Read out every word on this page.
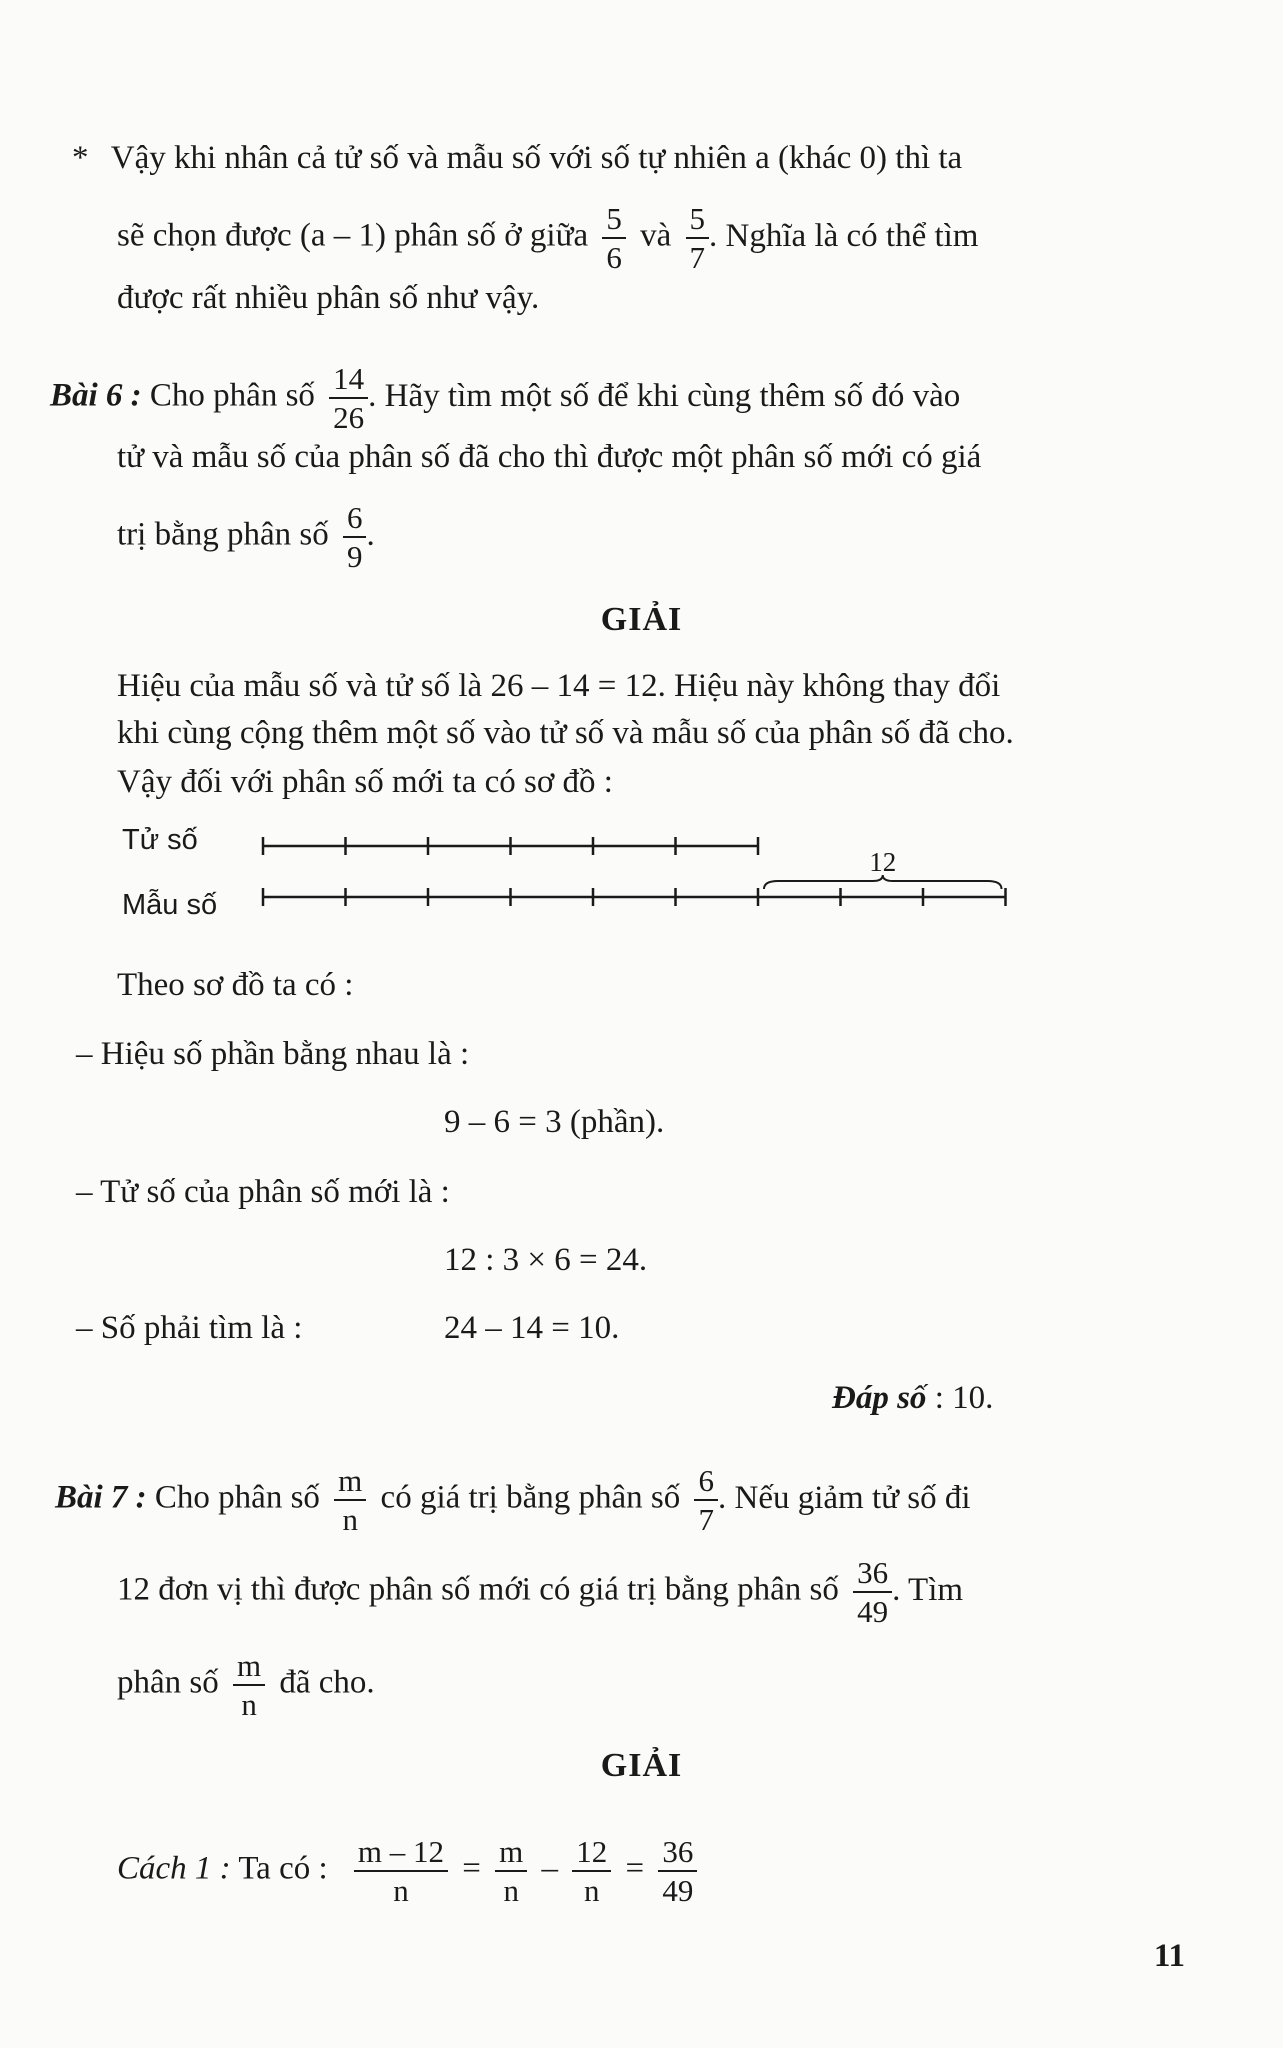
* Vậy khi nhân cả tử số và mẫu số với số tự nhiên a (khác 0) thì ta
sẽ chọn được (a – 1) phân số ở giữa $\frac{5}{6}$ và $\frac{5}{7}$ . Nghĩa là có thể tìm
được rất nhiều phân số như vậy.
Bài 6 : Cho phân số $\frac{14}{26}$ . Hãy tìm một số để khi cùng thêm số đó vào
tử và mẫu số của phân số đã cho thì được một phân số mới có giá
trị bằng phân số $\frac{6}{9}$ .
GIẢI
Hiệu của mẫu số và tử số là 26 – 14 = 12. Hiệu này không thay đổi
khi cùng cộng thêm một số vào tử số và mẫu số của phân số đã cho.
Vậy đối với phân số mới ta có sơ đồ :
Tử số
Mẫu số
12
Theo sơ đồ ta có :
– Hiệu số phần bằng nhau là :
9 – 6 = 3 (phần).
– Tử số của phân số mới là :
12 : 3 × 6 = 24.
– Số phải tìm là :	24 – 14 = 10.
Đáp số : 10.
Bài 7 : Cho phân số $\frac{m}{n}$ có giá trị bằng phân số $\frac{6}{7}$ . Nếu giảm tử số đi
12 đơn vị thì được phân số mới có giá trị bằng phân số $\frac{36}{49}$ . Tìm
phân số $\frac{m}{n}$ đã cho.
GIẢI
Cách 1 : Ta có : $\frac{m - 12}{n} = \frac{m}{n} - \frac{12}{n} = \frac{36}{49}$
11
